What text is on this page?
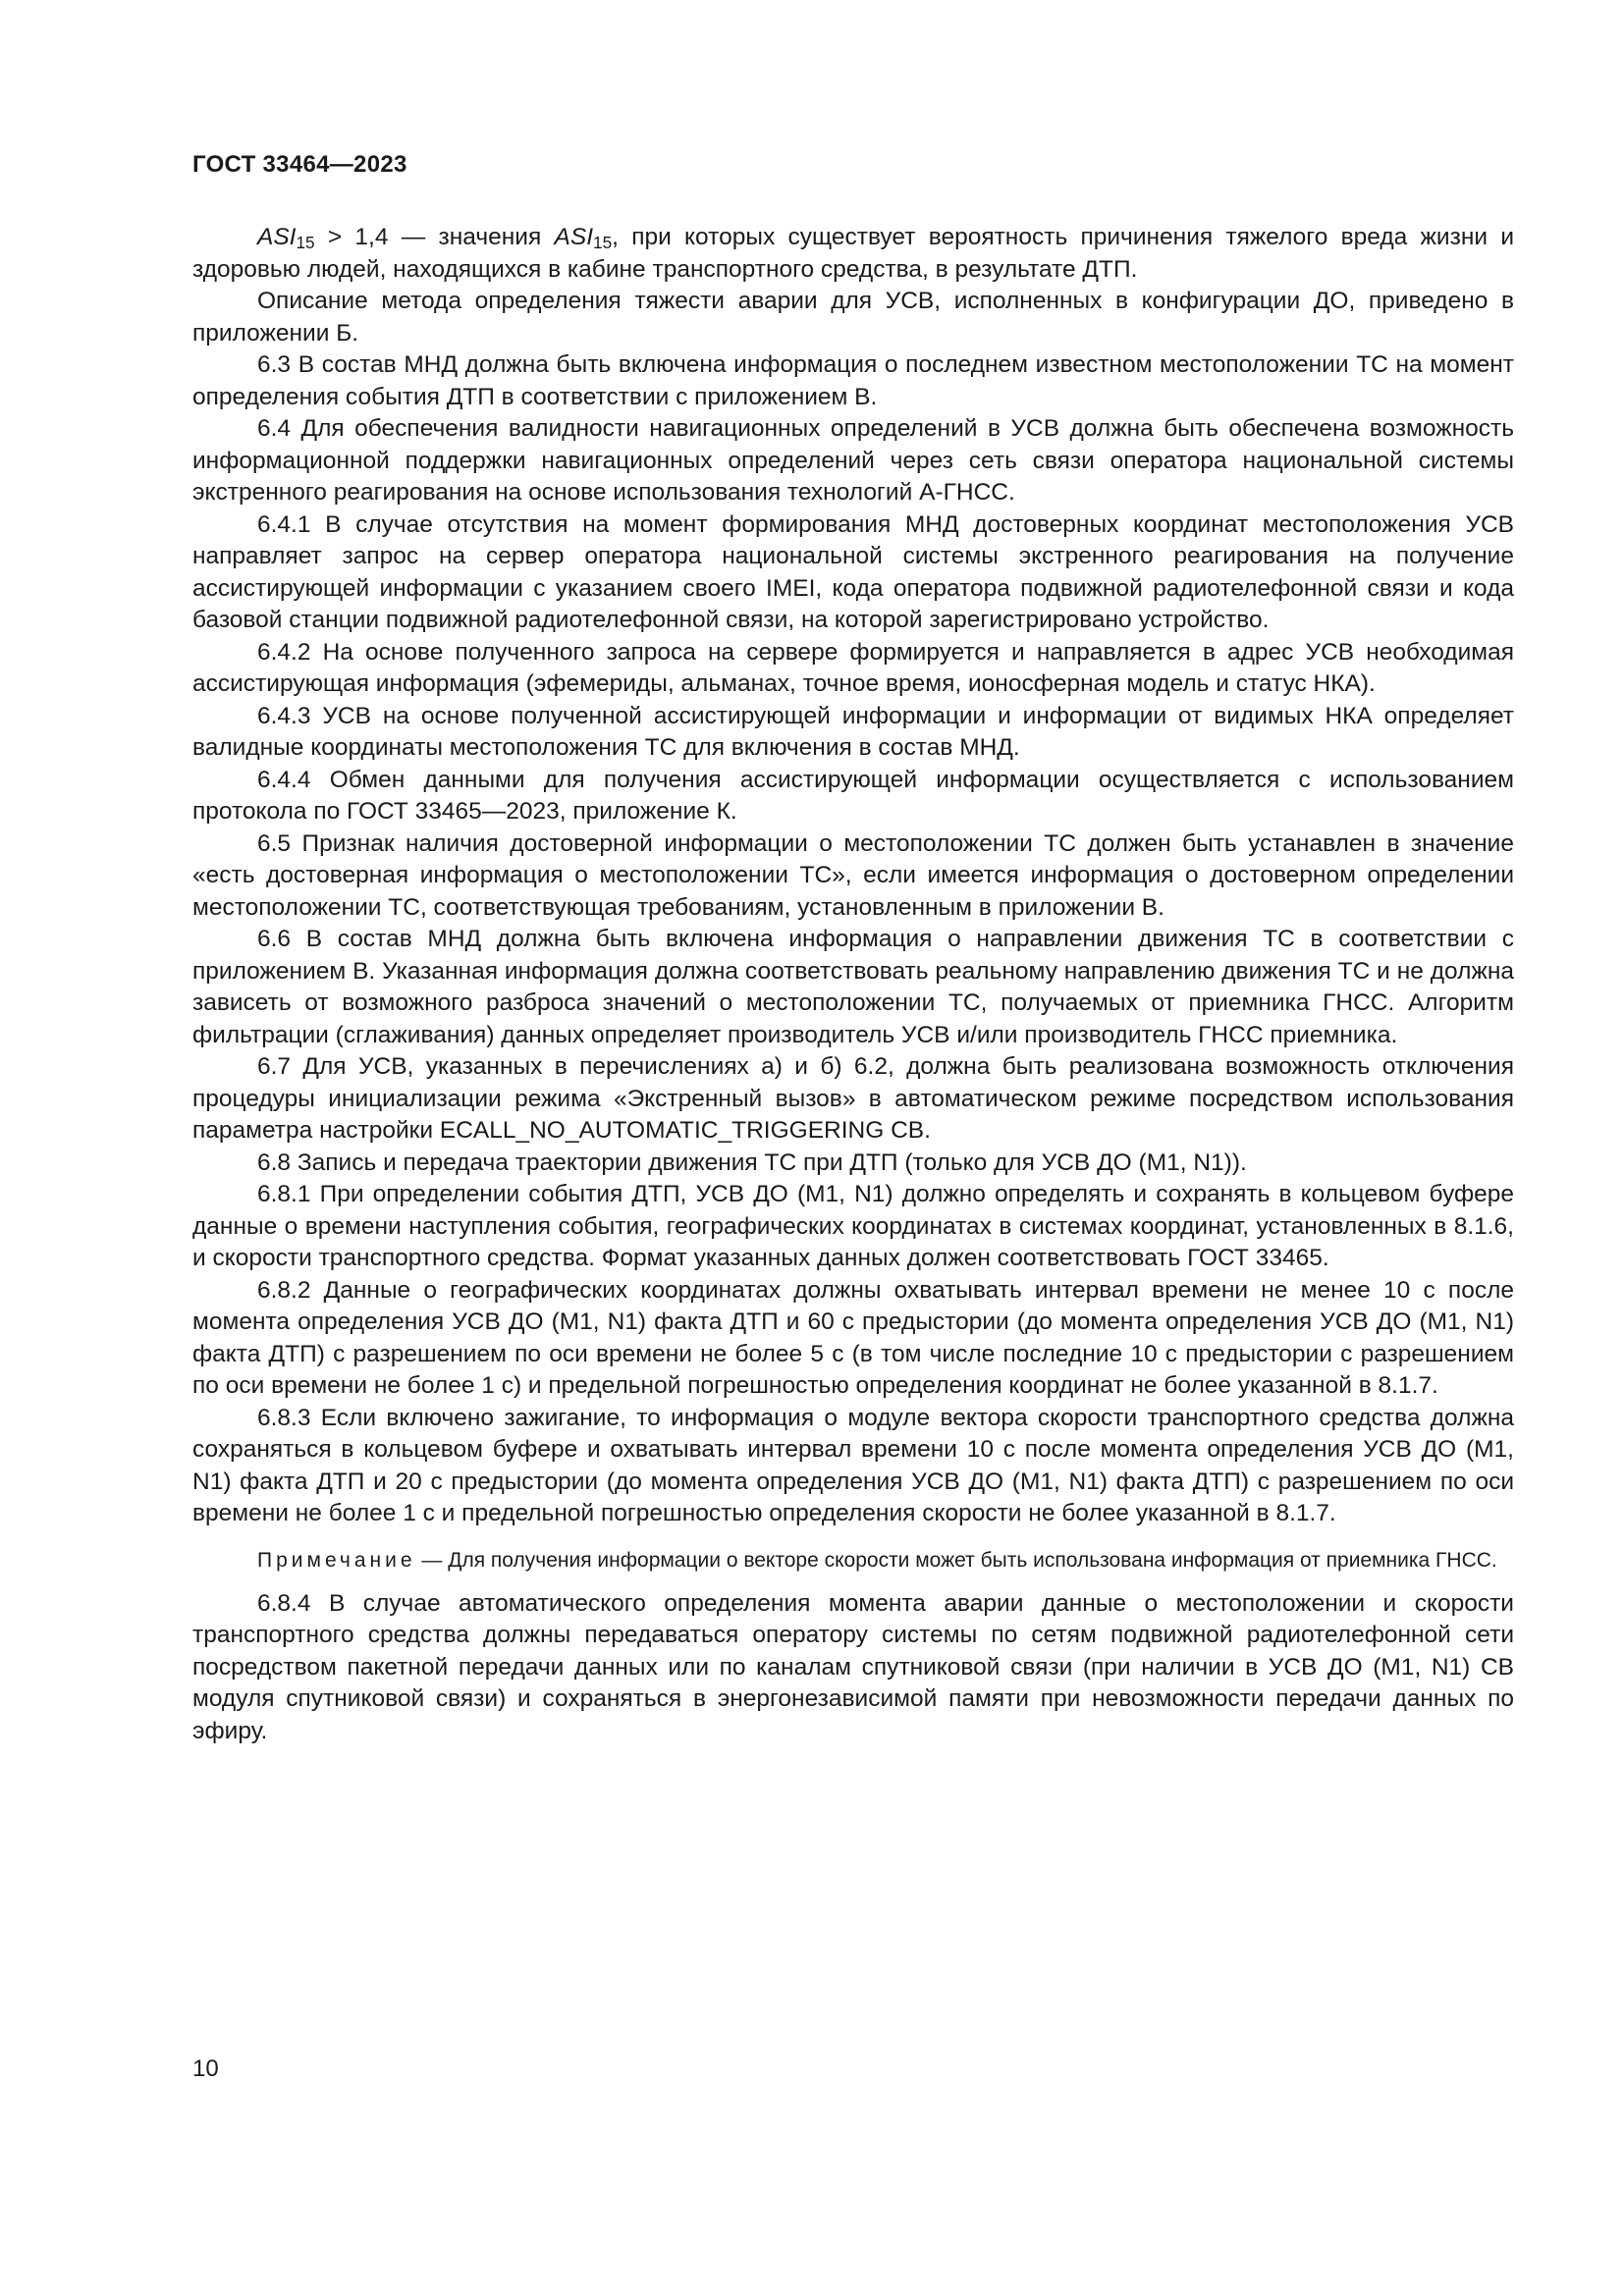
ГОСТ 33464—2023

$ASI_{15} > 1,4$ — значения $ASI_{15}$, при которых существует вероятность причинения тяжелого вреда жизни и здоровью людей, находящихся в кабине транспортного средства, в результате ДТП.

Описание метода определения тяжести аварии для УСВ, исполненных в конфигурации ДО, приведено в приложении Б.

6.3 В состав МНД должна быть включена информация о последнем известном местоположении ТС на момент определения события ДТП в соответствии с приложением В.

6.4 Для обеспечения валидности навигационных определений в УСВ должна быть обеспечена возможность информационной поддержки навигационных определений через сеть связи оператора национальной системы экстренного реагирования на основе использования технологий А-ГНСС.

6.4.1 В случае отсутствия на момент формирования МНД достоверных координат местоположения УСВ направляет запрос на сервер оператора национальной системы экстренного реагирования на получение ассистирующей информации с указанием своего IMEI, кода оператора подвижной радиотелефонной связи и кода базовой станции подвижной радиотелефонной связи, на которой зарегистрировано устройство.

6.4.2 На основе полученного запроса на сервере формируется и направляется в адрес УСВ необходимая ассистирующая информация (эфемериды, альманах, точное время, ионосферная модель и статус НКА).

6.4.3 УСВ на основе полученной ассистирующей информации и информации от видимых НКА определяет валидные координаты местоположения ТС для включения в состав МНД.

6.4.4 Обмен данными для получения ассистирующей информации осуществляется с использованием протокола по ГОСТ 33465—2023, приложение К.

6.5 Признак наличия достоверной информации о местоположении ТС должен быть устанавлен в значение «есть достоверная информация о местоположении ТС», если имеется информация о достоверном определении местоположении ТС, соответствующая требованиям, установленным в приложении В.

6.6 В состав МНД должна быть включена информация о направлении движения ТС в соответствии с приложением В. Указанная информация должна соответствовать реальному направлению движения ТС и не должна зависеть от возможного разброса значений о местоположении ТС, получаемых от приемника ГНСС. Алгоритм фильтрации (сглаживания) данных определяет производитель УСВ и/или производитель ГНСС приемника.

6.7 Для УСВ, указанных в перечислениях а) и б) 6.2, должна быть реализована возможность отключения процедуры инициализации режима «Экстренный вызов» в автоматическом режиме посредством использования параметра настройки ECALL_NO_AUTOMATIC_TRIGGERING CB.

6.8 Запись и передача траектории движения ТС при ДТП (только для УСВ ДО (М1, N1)).

6.8.1 При определении события ДТП, УСВ ДО (М1, N1) должно определять и сохранять в кольцевом буфере данные о времени наступления события, географических координатах в системах координат, установленных в 8.1.6, и скорости транспортного средства. Формат указанных данных должен соответствовать ГОСТ 33465.

6.8.2 Данные о географических координатах должны охватывать интервал времени не менее 10 с после момента определения УСВ ДО (М1, N1) факта ДТП и 60 с предыстории (до момента определения УСВ ДО (М1, N1) факта ДТП) с разрешением по оси времени не более 5 с (в том числе последние 10 с предыстории с разрешением по оси времени не более 1 с) и предельной погрешностью определения координат не более указанной в 8.1.7.

6.8.3 Если включено зажигание, то информация о модуле вектора скорости транспортного средства должна сохраняться в кольцевом буфере и охватывать интервал времени 10 с после момента определения УСВ ДО (М1, N1) факта ДТП и 20 с предыстории (до момента определения УСВ ДО (М1, N1) факта ДТП) с разрешением по оси времени не более 1 с и предельной погрешностью определения скорости не более указанной в 8.1.7.

Примечание — Для получения информации о векторе скорости может быть использована информация от приемника ГНСС.

6.8.4 В случае автоматического определения момента аварии данные о местоположении и скорости транспортного средства должны передаваться оператору системы по сетям подвижной радиотелефонной сети посредством пакетной передачи данных или по каналам спутниковой связи (при наличии в УСВ ДО (М1, N1) СВ модуля спутниковой связи) и сохраняться в энергонезависимой памяти при невозможности передачи данных по эфиру.

10
